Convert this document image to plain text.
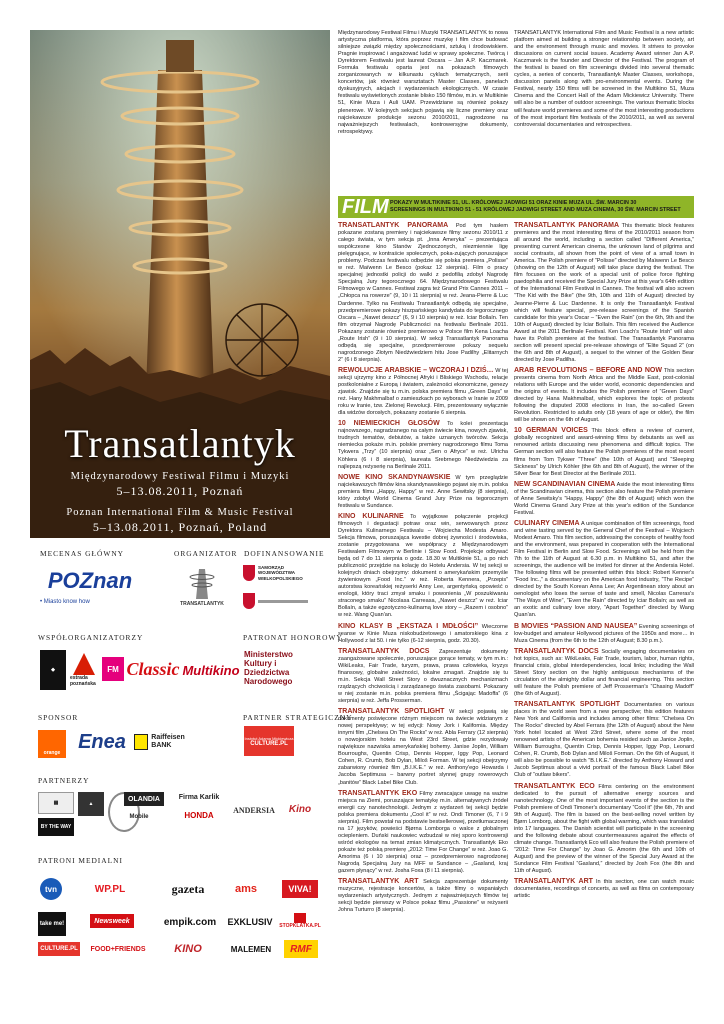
Transatlantyk
Międzynarodowy Festiwal Filmu i Muzyki
5–13.08.2011, Poznań
Poznan International Film & Music Festival
5–13.08.2011, Poznań, Poland
MECENAS GŁÓWNY	ORGANIZATOR DOFINANSOWANIE
WSPÓŁORGANIZATORZY	PATRONAT HONOROWY
SPONSOR	PARTNER STRATEGICZNY
PARTNERZY
PATRONI MEDIALNI
POZnan
• Miasto know how	TRANSATLANTYK
SAMORZĄD WOJEWÓDZTWA WIELKOPOLSKIEGO
◆
estrada poznańska
FM Classic Multikino
Ministerstwo Kultury i Dziedzictwa Narodowego
orange
Enea	Raiffeisen BANK
Instytut Adama Mickiewicza
CULTURE.PL
▦	▲
OLANDIA	Firma Karlik
Mobile	HONDA
ANDERSIA	Kino
BY THE WAY
tvn	WP.PL	gazeta	ams	VIVA!
take me!	Newsweek	empik.com EXKLUSIV	STOPKLATKA.PL
CULTURE.PL	FOOD+FRIENDS	KINO	MALEMEN	RMF
Międzynarodowy Festiwal Filmu i Muzyki TRANSATLANTYK to nowa artystyczna platforma, która poprzez muzykę i film chce budować silniejsze związki między społecznościami, sztuką i środowiskiem. Pragnie inspirować i angażować ludzi w sprawy społeczne. Twórcą i Dyrektorem Festiwalu jest laureat Oscara – Jan A.P. Kaczmarek. Formuła festiwalu oparta jest na pokazach filmowych zorganizowanych w kilkunastu cyklach tematycznych, serii koncertów, jak również warsztatach Master Classes, panelach dyskusyjnych, akcjach i wydarzeniach ekologicznych. W czasie festiwalu wyświetlonych zostanie blisko 150 filmów, m.in. w Multikinie 51, Kinie Muza i Auli UAM. Przewidziane są również pokazy plenerowe. W kolejnych sekcjach pojawią się liczne premiery oraz najciekawsze produkcje sezonu 2010/2011, nagrodzone na najważniejszych festiwalach, kontrowersyjne dokumenty, retrospektywy.
TRANSATLANTYK International Film and Music Festival is a new artistic platform aimed at building a stronger relationship between society, art and the environment through music and movies. It strives to provoke discussions on current social issues. Academy Award winner Jan A.P. Kaczmarek is the founder and Director of the Festival. The program of the festival is based on film screenings divided into several thematic cycles, a series of concerts, Transatlantyk Master Classes, workshops, discussion panels along with pro-environmental events. During the Festival, nearly 150 films will be screened in the Multikino 51, Muza Cinema and the Concert Hall of the Adam Mickiewicz University. There will also be a number of outdoor screenings. The various thematic blocks will feature world premieres and some of the most interesting productions of the most important film festivals of the 2010/2011, as well as several controversial documentaries and retrospectives.
FILM POKAZY W MULTIKINIE 51, UL. KRÓLOWEJ JADWIGI 51 ORAZ KINIE MUZA UL. ŚW. MARCIN 30
SCREENINGS IN MULTIKINO 51 - 51 KRÓLOWEJ JADWIGI STREET AND MUZA CINEMA, 30 ŚW. MARCIN STREET

TRANSATLANTYK PANORAMA Pod tym hasłem pokazane zostaną premiery i najciekawsze filmy sezonu 2010/11 z całego świata, w tym sekcja pt. „Inna Ameryka” – prezentująca współczesne kino Stanów Zjednoczonych, niezmiennie ligę pielęgnujące, w kontraście społecznych, poka-zujących poruszające problemy. Podczas festiwalu odbędzie się polska premiera „Polisse” w reż. Maïwenn Le Besco (pokaz 12 sierpnia). Film o pracy specjalnej jednostki policji do walki z pedofilią zdobył Nagrodę Specjalną Jury tegorocznego 64. Międzynarodowego Festiwalu Filmowego w Cannes. Festiwal zagra też Grand Prix Cannes 2011 – „Chłopca na rowerze” (9, 10 i 11 sierpnia) w reż. Jeana-Pierre & Luc Dardenne. Tylko na Festiwalu Transatlantyk odbędą się specjalne, przedpremierowe pokazy hiszpańskiego kandydata do tegorocznego Oscara – „Nawet deszcz” (6, 9 i 10 sierpnia) w reż. Iciar Bollaín. Ten film otrzymał Nagrodę Publiczności na festiwalu Berlinale 2011. Pokazany zostanie również premierowo w Polsce film Kena Loacha „Route Irish” (9 i 10 sierpnia). W sekcji Transatlantyk Panorama odbędą się specjalne, przedpremierowe pokazy sequelu nagrodzonego Złotym Niedźwiedziem hitu Jose Padilhy „Elitarnych 2” (6 i 8 sierpnia).

REWOLUCJE ARABSKIE – WCZORAJ I DZIŚ… W tej sekcji ujrzymy kino z Północnej Afryki i Bliskiego Wschodu, relacje postkolonialne z Europą i światem, zależności ekonomiczne, genezy zjawisk. Znajdzie się tu m.in. polska premiera filmu „Green Days” w reż. Hany Makhmalbaf o zamieszkach po wyborach w Iranie w 2009 roku w Iranie, tzw. Zielonej Rewolucji. Film, prezentowany wyłącznie dla widzów dorosłych, pokazany zostanie 6 sierpnia.

10 NIEMIECKICH GŁOSÓW To kolei prezentacja najnowszego, nagradzanego na całym świecie kina, nowych zjawisk, trudnych tematów, debiutów, a także uznanych twórców. Sekcja niemiecka pokaże m.in. polskie premiery nagrodzonego filmu Toma Tykwera „Trzy” (10 sierpnia) oraz „Sen o Afryce” w reż. Ulricha Köhlera (6 i 8 sierpnia), laureata Srebrnego Niedźwiedzia za najlepszą reżyserię na Berlinale 2011.

NOWE KINO SKANDYNAWSKIE W tym przeglądzie najciekawszych filmów kina skandynawskiego pojawi się m.in. polska premiera filmu „Happy, Happy” w reż. Anne Sewitsky (8 sierpnia), który zdobył World Cinema Grand Jury Prize na tegorocznym festiwalu w Sundance.

KINO KULINARNE To wyjątkowe połączenie projekcji filmowych i degustacji potraw oraz win, serwowanych przez Dyrektora Kulinarnego Festiwalu – Wojciecha Modesta Amaro. Sekcja filmowa, poruszająca kwestie dobrej żywności i środowiska, zostanie przygotowana we współpracy z Międzynarodowym Festiwalem Filmowym w Berlinie i Slow Food. Projekcje odbywać będą od 7 do 11 sierpnia o godz. 18.30 w Multikinie 51, a po nich publiczność przejdzie na kolację do Hotelu Andersia. W tej sekcji w kolejnych dniach obejrzymy: dokument o amerykańskim przemyśle żywieniowym „Food Inc.” w reż. Roberta Kennera, „Przepis” autorstwa koreańskiej reżyserki Anny Lee, argentyńską opowieść o enologii, który traci zmysł smaku i powonienia „W poszukiwaniu straconego smaku” Nicolasa Carreasa, „Nawet deszcz” w reż. Iciar Bollaín, a także egzotyczno-kulinarną love story – „Razem i osobno” w reż. Wang Quan'an.

KINO KLASY B „EKSTAZA I MDŁOŚCI” Wieczorne seanse w Kinie Muza niskobudżetowego i amatorskiego kina z Hollywood z lat 50. i nie tylko (6-12 sierpnia, godz. 20.30).

TRANSATLANTYK DOCS Zaprezentuje dokumenty zaangażowane społecznie, poruszające gorące tematy, w tym m.in.: WikiLeaks, Fair Trade, turyzm, prawa, prawa człowieka, kryzys finansowy, globalne zależności, lokalne zmagań. Znajdzie się tu m.in. Sekcja Wall Street Story o dwuznacznych mechanizmach rządzących chciwością i zarządzanego świata zasobami. Pokazany w niej zostanie m.in. polska premiera filmu „Ścigając Madoffa” (6 sierpnia) w reż. Jeffa Prosserman.

TRANSATLANTYK SPOTLIGHT W sekcji pojawią się dokumenty poświęcone różnym miejscom na świecie widzianym z nowej perspektywy; w tej edycji: Nowy Jork i Kalifornia. Między innymi film „Chelsea On The Rocks” w reż. Abla Ferrary (12 sierpnia) o nowojorskim hotelu na West 23rd Street, gdzie rezydowały największe nazwiska amerykańskiej bohemy. Janise Joplin, William Bourroughs, Quentin Crisp, Dennis Hopper, Iggy Pop, Leonard Cohen, R. Crumb, Bob Dylan, Miloš Forman. W tej sekcji obejrzymy zabarwiony również film „B.I.K.E.” w reż. Anthony'ego Howarda i Jacoba Septimusa – barwny portret slynnej grupy rowerowych „banitów” Black Label Bike Club.

TRANSATLANTYK EKO Filmy zwracające uwagę na ważne miejsca na Ziemi, poruszające tematykę m.in. alternatywnych źródeł energii czy nanotechnologii. Jednym z wydarzeń tej sekcji będzie polska premiera dokumentu „Cool it” w reż. Ondi Timoner (6, 7 i 9 sierpnia). Film powstał na podstawie bestsellerowej, przetłumaczonej na 17 języków, powieści Bjørna Lomborga o walce z globalnym ociepleniem. Duński naukowiec wzbudzał w niej sporo kontrowersji wśród ekologów na temat zmian klimatycznych. Transatlantyk Eko pokaże też polską premierę „2012: Time For Change” w reż. Joao G. Amorima (6 i 10 sierpnia) oraz – przedpremierowo nagrodzonej Nagrodą Specjalną Jury na MFF w Sundance – „Gasland, kraj gazem płynący” w reż. Josha Foxa (8 i 11 sierpnia).

TRANSATLANTYK ART Sekcja zaprezentuje dokumenty muzyczne, rejestracje koncertów, a także filmy o wspaniałych wydarzeniach artystycznych. Jednym z najważniejszych filmów tej sekcji będzie pierwszy w Polsce pokaz filmu „Passione” w reżyserii Johna Turturro (8 sierpnia).

TRANSATLANTYK PANORAMA This thematic block features premieres and the most interesting films of the 2010/2011 season from all around the world, including a section called “Different America,” presenting current American cinema, the unknown land of pilgrims and social contrasts, all shown from the point of view of a small town in America. The Polish premiere of “Polisse” directed by Maïwenn Le Besco (showing on the 12th of August) will take place during the festival. The film focuses on the work of a special unit of police force fighting paedophilia and received the Special Jury Prize at this year's 64th edition of the International Film Festival in Cannes. The festival will also screen “The Kid with the Bike” (the 9th, 10th and 11th of August) directed by Jeanne-Pierre & Luc Dardenne. It is only the Transatlantyk Festival which will feature special, pre-release screenings of the Spanish candidate for this year's Oscar – “Even the Rain” (on the 6th, 9th and the 10th of August) directed by Iciar Bollaín. This film received the Audience Award at the 2011 Berlinale Festival. Ken Loach's “Route Irish” will also have its Polish premiere at the festival. The Transatlantyk Panorama section will present special pre-release showings of “Elite Squad 2” (on the 6th and 8th of August), a sequel to the winner of the Golden Bear directed by Jose Padilha.

ARAB REVOLUTIONS – BEFORE AND NOW This section presents cinema from North Africa and the Middle East, post-colonial relations with Europe and the wider world, economic dependencies and the origins of events. It includes the Polish premiere of “Green Days” directed by Hana Makhmalbaf, which explores the topic of protests following the disputed 2008 elections in Iran, the so-called Green Revolution. Restricted to adults only (18 years of age or older), the film will be shown on the 6th of August.

10 GERMAN VOICES This block offers a review of current, globally recognized and award-winning films by debutants as well as renowned artists discussing new phenomena and difficult topics. The German section will also feature the Polish premieres of the most recent films from Tom Tykwer “Three” (the 10th of August) and “Sleeping Sickness” by Ulrich Köhler (the 6th and 8th of August), the winner of the Silver Bear for Best Director at the Berlinale 2011.

NEW SCANDINAVIAN CINEMA Aside the most interesting films of the Scandinavian cinema, this section also feature the Polish premiere of Anne Sewitsky's “Happy, Happy” (the 8th of August) which won the World Cinema Grand Jury Prize at this year's edition of the Sundance Festival.

CULINARY CINEMA A unique combination of film screenings, food and wine tasting served by the General Chef of the Festival – Wojciech Modest Amaro. This film section, addressing the concepts of healthy food and the environment, was prepared in cooperation with the International Film Festival in Berlin and Slow Food. Screenings will be held from the 7th to the 11th of August at 6.30 p.m. in Multikino 51, and after the screenings, the audience will be invited for dinner at the Andersia Hotel. The following films will be presented within this block: Robert Kenner's “Food Inc.,” a documentary on the American food industry, “The Recipe” directed by the South Korean Anna Lee; An Argentinean story about an oenologist who loses the sense of taste and smell, Nicolas Carreras's “The Ways of Wine”, “Even the Rain” directed by Iciar Bollaín; as well as an exotic and culinary love story, “Apart Together” directed by Wang Quan'an.

B MOVIES “PASSION AND NAUSEA” Evening screenings of low-budget and amateur Hollywood pictures of the 1950s and more… in Muza Cinema (from the 6th to the 12th of August; 8.30 p.m.).

TRANSATLANTYK DOCS Socially engaging documentaries on hot topics, such as: WikiLeaks, Fair Trade, tourism, labor, human rights, financial crisis, global interdependencies, local links; including the Wall Street Story section on the highly ambiguous mechanisms of the circulation of the almighty dollar and financial engineering. This section will feature the Polish premiere of Jeff Prosserman's “Chasing Madoff” (the 6th of August).

TRANSATLANTYK SPOTLIGHT Documentaries on various places in the world seen from a new perspective; this edition features New York and California and includes among other films: “Chelsea On The Rocks” directed by Abel Ferrara (the 12th of August) about the New York hotel located at West 23rd Street, where some of the most renowned artists of the American bohemia resided such as Janice Joplin, William Burroughs, Quentin Crisp, Dennis Hopper, Iggy Pop, Leonard Cohen, R. Crumb, Bob Dylan and Miloš Forman. On the 6th of August, it will also be possible to watch “B.I.K.E.” directed by Anthony Howard and Jacob Septimus about a vivid portrait of the famous Black Label Bike Club of “outlaw bikers”.

TRANSATLANTYK ECO Films centering on the environment dedicated to the pursuit of alternative energy sources and nanotechnology. One of the most important events of the section is the Polish premiere of Ondi Timoner's documentary “Cool it” (the 6th, 7th and 9th of August). The film is based on the best-selling novel written by Bjørn Lomborg, about the fight with global warming, which was translated into 17 languages. The Danish scientist will participate in the screening and the following debate about countermeasures against the effects of climate change. Transatlantyk Eco will also feature the Polish premiere of “2012: Time For Change” by Joao G. Amorim (the 6th and 10th of August) and the preview of the winner of the Special Jury Award at the Sundance Film Festival “Gasland,” directed by Josh Fox (the 8th and 11th of August).

TRANSATLANTYK ART In this section, one can watch music documentaries, recordings of concerts, as well as films on contemporary artistic
